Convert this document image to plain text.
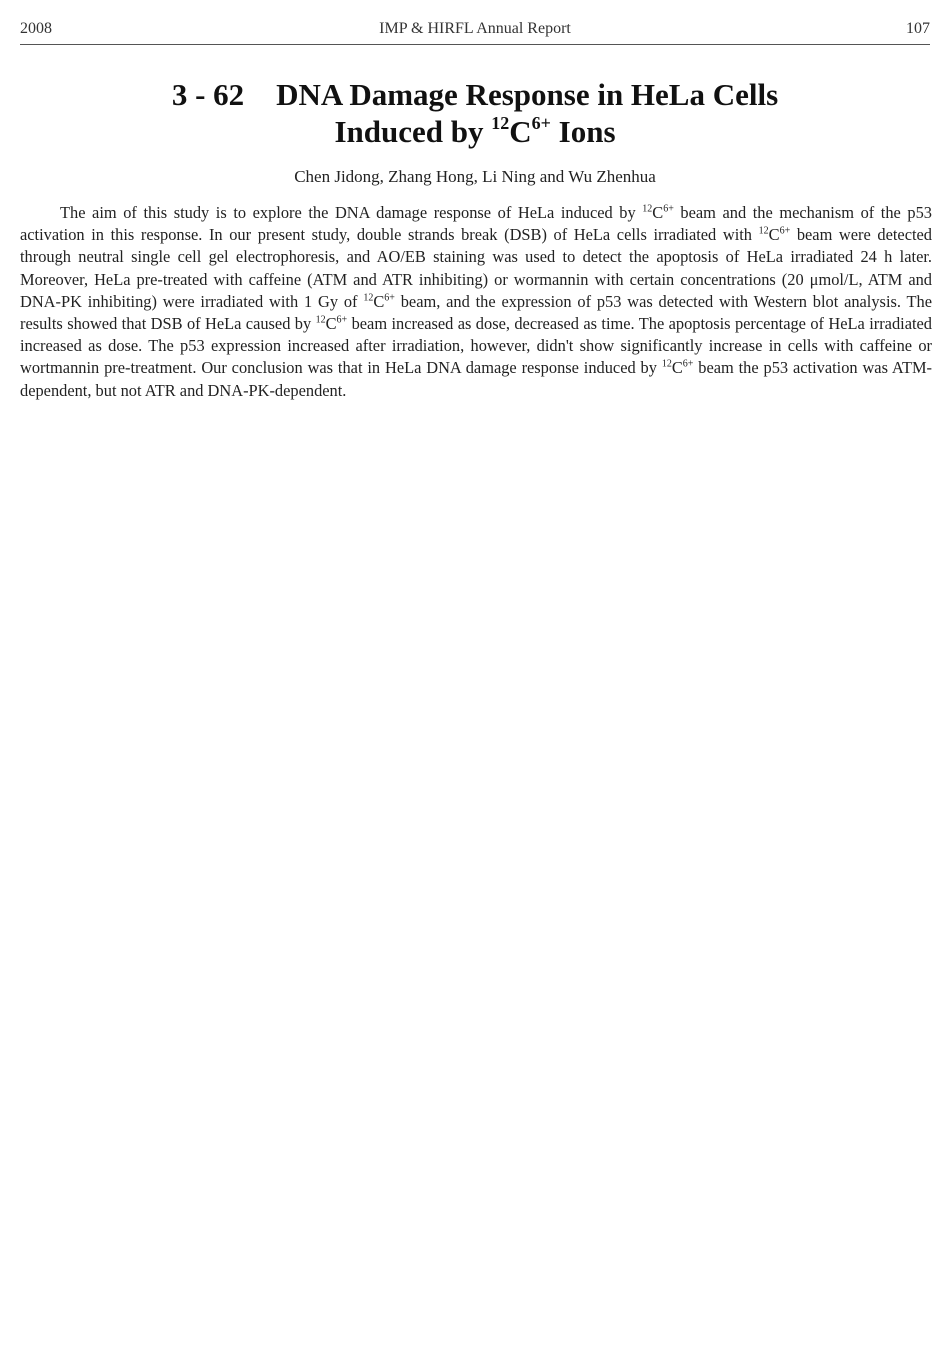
2008	IMP & HIRFL Annual Report	107
3 - 62 DNA Damage Response in HeLa Cells
Induced by $^{12}C^{6+}$ Ions
Chen Jidong, Zhang Hong, Li Ning and Wu Zhenhua

The aim of this study is to explore the DNA damage response of HeLa induced by $^{12}C^{6+}$ beam and the mechanism of the p53 activation in this response. In our present study, double strands break (DSB) of HeLa cells irradiated with $^{12}C^{6+}$ beam were detected through neutral single cell gel electrophoresis, and AO/EB staining was used to detect the apoptosis of HeLa irradiated 24 h later. Moreover, HeLa pre-treated with caffeine (ATM and ATR inhibiting) or wormannin with certain concentrations (20 μmol/L, ATM and DNA-PK inhibiting) were irradiated with 1 Gy of $^{12}C^{6+}$ beam, and the expression of p53 was detected with Western blot analysis. The results showed that DSB of HeLa caused by $^{12}C^{6+}$ beam increased as dose, decreased as time. The apoptosis percentage of HeLa irradiated increased as dose. The p53 expression increased after irradiation, however, didn't show significantly increase in cells with caffeine or wortmannin pre-treatment. Our conclusion was that in HeLa DNA damage response induced by $^{12}C^{6+}$ beam the p53 activation was ATM-dependent, but not ATR and DNA-PK-dependent.
